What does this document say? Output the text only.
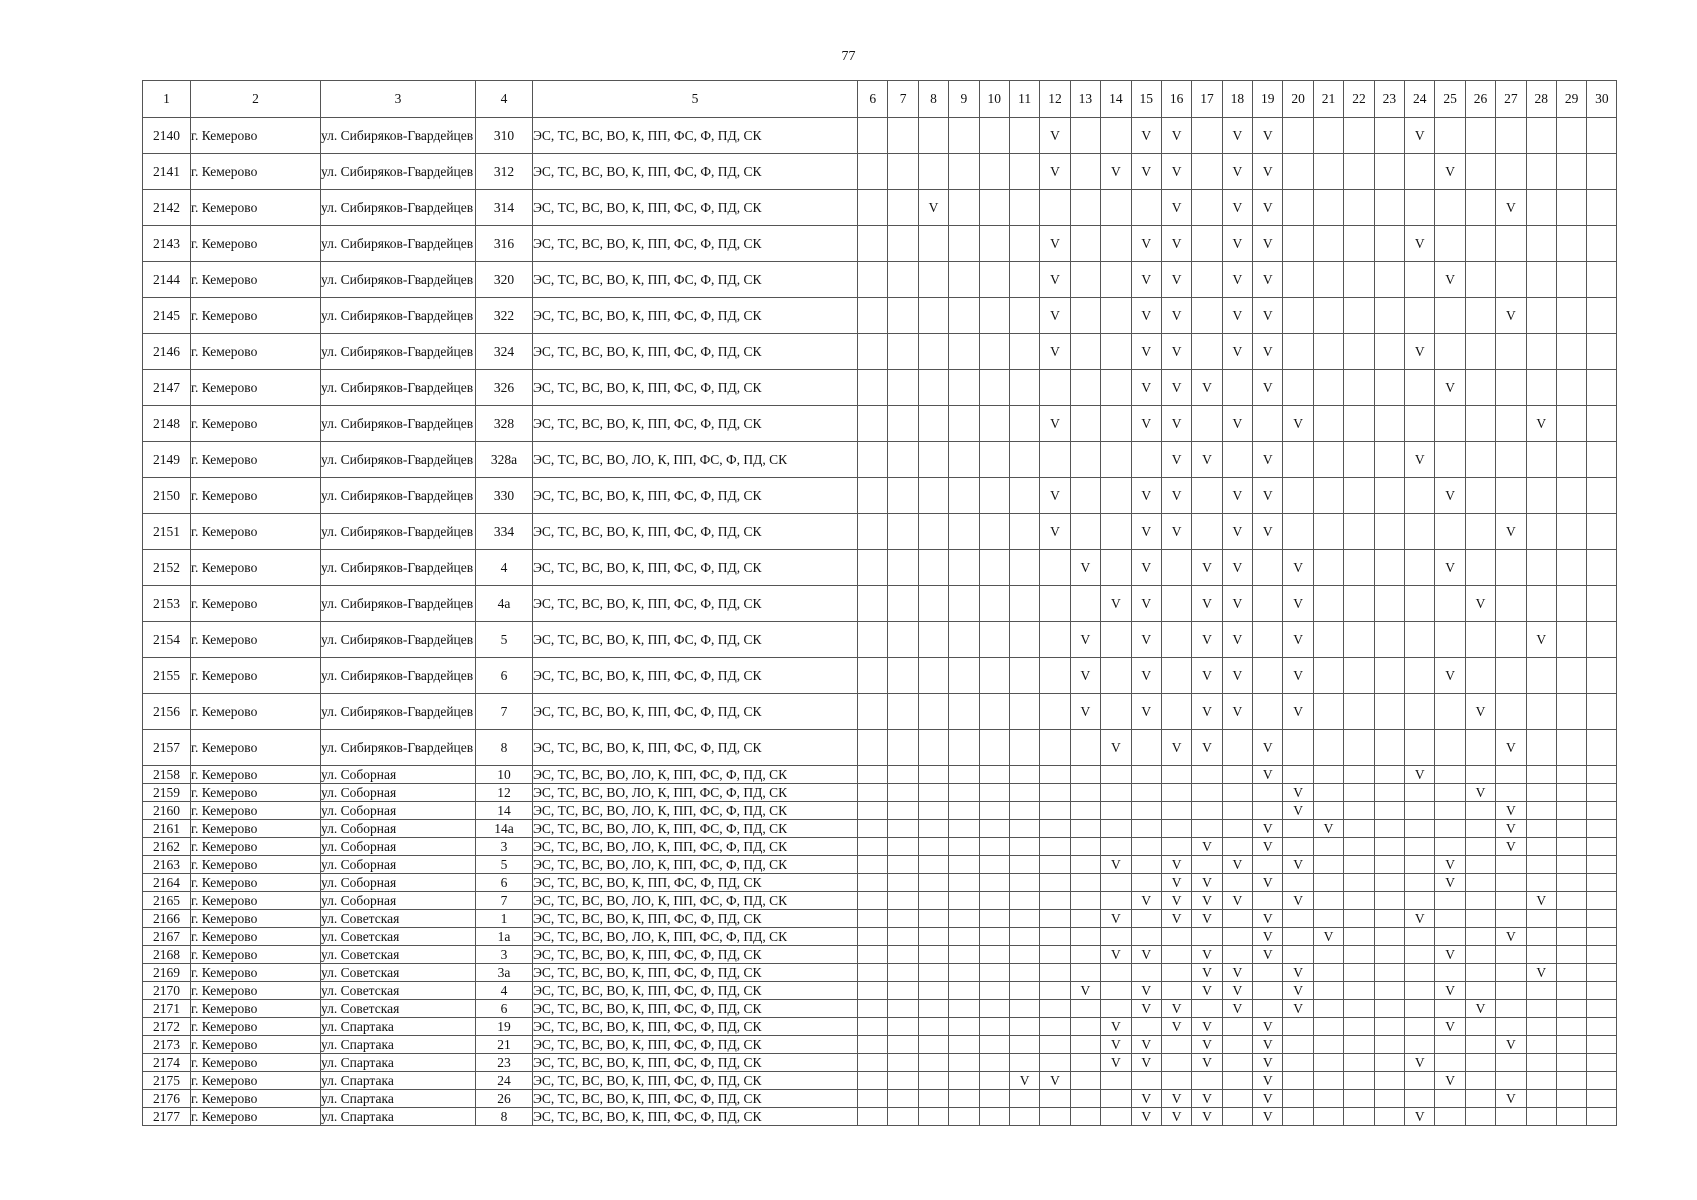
77
1	2	3	4	5	6	7	8	9	10	11	12	13	14	15	16	17	18	19	20	21	22	23	24	25	26	27	28	29	30
2140	г. Кемерово	ул. Сибиряков-Гвардейцев	310	ЭС, ТС, ВС, ВО, К, ПП, ФС, Ф, ПД, СК							V			V	V		V	V					V						
2141	г. Кемерово	ул. Сибиряков-Гвардейцев	312	ЭС, ТС, ВС, ВО, К, ПП, ФС, Ф, ПД, СК							V		V	V	V		V	V						V					
2142	г. Кемерово	ул. Сибиряков-Гвардейцев	314	ЭС, ТС, ВС, ВО, К, ПП, ФС, Ф, ПД, СК			V								V		V	V								V			
2143	г. Кемерово	ул. Сибиряков-Гвардейцев	316	ЭС, ТС, ВС, ВО, К, ПП, ФС, Ф, ПД, СК							V			V	V		V	V					V						
2144	г. Кемерово	ул. Сибиряков-Гвардейцев	320	ЭС, ТС, ВС, ВО, К, ПП, ФС, Ф, ПД, СК							V			V	V		V	V						V					
2145	г. Кемерово	ул. Сибиряков-Гвардейцев	322	ЭС, ТС, ВС, ВО, К, ПП, ФС, Ф, ПД, СК							V			V	V		V	V								V			
2146	г. Кемерово	ул. Сибиряков-Гвардейцев	324	ЭС, ТС, ВС, ВО, К, ПП, ФС, Ф, ПД, СК							V			V	V		V	V					V						
2147	г. Кемерово	ул. Сибиряков-Гвардейцев	326	ЭС, ТС, ВС, ВО, К, ПП, ФС, Ф, ПД, СК										V	V	V		V						V					
2148	г. Кемерово	ул. Сибиряков-Гвардейцев	328	ЭС, ТС, ВС, ВО, К, ПП, ФС, Ф, ПД, СК							V			V	V		V		V								V		
2149	г. Кемерово	ул. Сибиряков-Гвардейцев	328а	ЭС, ТС, ВС, ВО, ЛО, К, ПП, ФС, Ф, ПД, СК											V	V		V					V						
2150	г. Кемерово	ул. Сибиряков-Гвардейцев	330	ЭС, ТС, ВС, ВО, К, ПП, ФС, Ф, ПД, СК							V			V	V		V	V						V					
2151	г. Кемерово	ул. Сибиряков-Гвардейцев	334	ЭС, ТС, ВС, ВО, К, ПП, ФС, Ф, ПД, СК							V			V	V		V	V								V			
2152	г. Кемерово	ул. Сибиряков-Гвардейцев	4	ЭС, ТС, ВС, ВО, К, ПП, ФС, Ф, ПД, СК								V		V		V	V		V					V					
2153	г. Кемерово	ул. Сибиряков-Гвардейцев	4а	ЭС, ТС, ВС, ВО, К, ПП, ФС, Ф, ПД, СК									V	V		V	V		V						V				
2154	г. Кемерово	ул. Сибиряков-Гвардейцев	5	ЭС, ТС, ВС, ВО, К, ПП, ФС, Ф, ПД, СК								V		V		V	V		V								V		
2155	г. Кемерово	ул. Сибиряков-Гвардейцев	6	ЭС, ТС, ВС, ВО, К, ПП, ФС, Ф, ПД, СК								V		V		V	V		V					V					
2156	г. Кемерово	ул. Сибиряков-Гвардейцев	7	ЭС, ТС, ВС, ВО, К, ПП, ФС, Ф, ПД, СК								V		V		V	V		V						V				
2157	г. Кемерово	ул. Сибиряков-Гвардейцев	8	ЭС, ТС, ВС, ВО, К, ПП, ФС, Ф, ПД, СК									V		V	V		V								V			
2158	г. Кемерово	ул. Соборная	10	ЭС, ТС, ВС, ВО, ЛО, К, ПП, ФС, Ф, ПД, СК														V					V						
2159	г. Кемерово	ул. Соборная	12	ЭС, ТС, ВС, ВО, ЛО, К, ПП, ФС, Ф, ПД, СК															V						V				
2160	г. Кемерово	ул. Соборная	14	ЭС, ТС, ВС, ВО, ЛО, К, ПП, ФС, Ф, ПД, СК															V							V			
2161	г. Кемерово	ул. Соборная	14а	ЭС, ТС, ВС, ВО, ЛО, К, ПП, ФС, Ф, ПД, СК														V		V						V			
2162	г. Кемерово	ул. Соборная	3	ЭС, ТС, ВС, ВО, ЛО, К, ПП, ФС, Ф, ПД, СК												V		V								V			
2163	г. Кемерово	ул. Соборная	5	ЭС, ТС, ВС, ВО, ЛО, К, ПП, ФС, Ф, ПД, СК									V		V		V		V					V					
2164	г. Кемерово	ул. Соборная	6	ЭС, ТС, ВС, ВО, К, ПП, ФС, Ф, ПД, СК											V	V		V						V					
2165	г. Кемерово	ул. Соборная	7	ЭС, ТС, ВС, ВО, ЛО, К, ПП, ФС, Ф, ПД, СК										V	V	V	V		V								V		
2166	г. Кемерово	ул. Советская	1	ЭС, ТС, ВС, ВО, К, ПП, ФС, Ф, ПД, СК									V		V	V		V					V						
2167	г. Кемерово	ул. Советская	1а	ЭС, ТС, ВС, ВО, ЛО, К, ПП, ФС, Ф, ПД, СК														V		V						V			
2168	г. Кемерово	ул. Советская	3	ЭС, ТС, ВС, ВО, К, ПП, ФС, Ф, ПД, СК									V	V		V		V						V					
2169	г. Кемерово	ул. Советская	3а	ЭС, ТС, ВС, ВО, К, ПП, ФС, Ф, ПД, СК												V	V		V								V		
2170	г. Кемерово	ул. Советская	4	ЭС, ТС, ВС, ВО, К, ПП, ФС, Ф, ПД, СК								V		V		V	V		V					V					
2171	г. Кемерово	ул. Советская	6	ЭС, ТС, ВС, ВО, К, ПП, ФС, Ф, ПД, СК										V	V		V		V						V				
2172	г. Кемерово	ул. Спартака	19	ЭС, ТС, ВС, ВО, К, ПП, ФС, Ф, ПД, СК									V		V	V		V						V					
2173	г. Кемерово	ул. Спартака	21	ЭС, ТС, ВС, ВО, К, ПП, ФС, Ф, ПД, СК									V	V		V		V								V			
2174	г. Кемерово	ул. Спартака	23	ЭС, ТС, ВС, ВО, К, ПП, ФС, Ф, ПД, СК									V	V		V		V					V						
2175	г. Кемерово	ул. Спартака	24	ЭС, ТС, ВС, ВО, К, ПП, ФС, Ф, ПД, СК						V	V							V						V					
2176	г. Кемерово	ул. Спартака	26	ЭС, ТС, ВС, ВО, К, ПП, ФС, Ф, ПД, СК										V	V	V		V								V			
2177	г. Кемерово	ул. Спартака	8	ЭС, ТС, ВС, ВО, К, ПП, ФС, Ф, ПД, СК										V	V	V		V					V						
